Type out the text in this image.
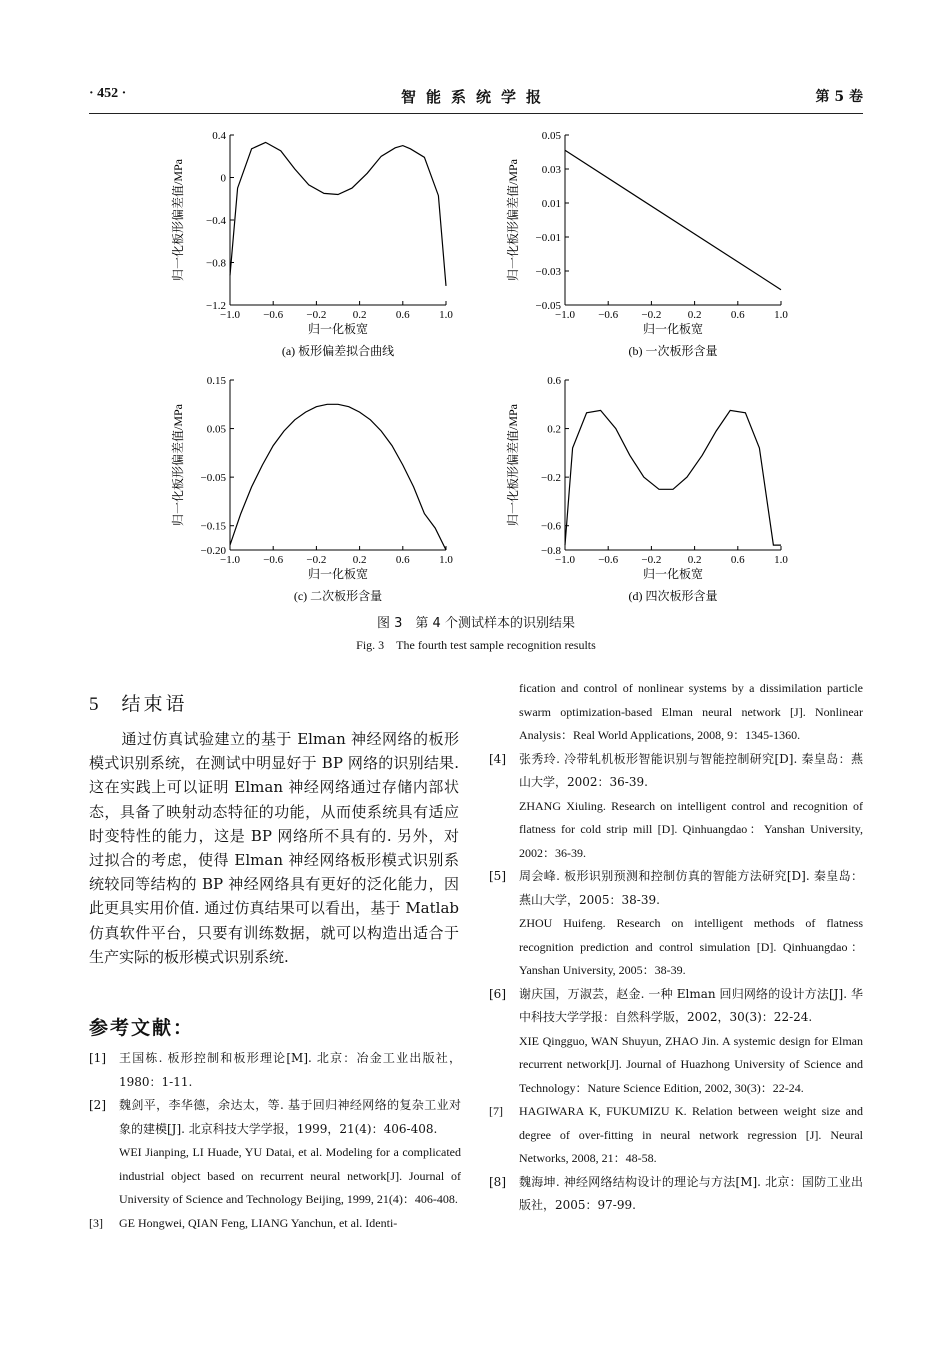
· 452 ·	智能系统学报	第 5 卷
0.4
0
−0.4
−0.8
−1.2
−1.0 −0.6 −0.2 0.2	0.6	1.0
归一化板宽
归一化板形偏差值/MPa
(a) 板形偏差拟合曲线
0.05
0.03
0.01
−0.01
−0.03
−0.05
−1.0 −0.6 −0.2 0.2	0.6	1.0
归一化板宽
归一化板形偏差值/MPa
(b) 一次板形含量
0.15
0.05
−0.05
−0.15
−0.20
−1.0 −0.6 −0.2 0.2	0.6	1.0
归一化板宽
归一化板形偏差值/MPa
(c) 二次板形含量
0.6
0.2
−0.2
−0.6
−0.8
−1.0 −0.6 −0.2 0.2	0.6	1.0
归一化板宽
归一化板形偏差值/MPa
(d) 四次板形含量
图 3　第 4 个测试样本的识别结果
Fig. 3　The fourth test sample recognition results
5 结束语
通过仿真试验建立的基于 Elman 神经网络的板形模式识别系统，在测试中明显好于 BP 网络的识别结果. 这在实践上可以证明 Elman 神经网络通过存储内部状态，具备了映射动态特征的功能，从而使系统具有适应时变特性的能力，这是 BP 网络所不具有的. 另外，对过拟合的考虑，使得 Elman 神经网络板形模式识别系统较同等结构的 BP 神经网络具有更好的泛化能力，因此更具实用价值. 通过仿真结果可以看出，基于 Matlab 仿真软件平台，只要有训练数据，就可以构造出适合于生产实际的板形模式识别系统.
参考文献：
[1] 王国栋. 板形控制和板形理论[M]. 北京：冶金工业出版社，1980：1-11.
[2] 魏剑平，李华德，余达太，等. 基于回归神经网络的复杂工业对象的建模[J]. 北京科技大学学报，1999，21(4)：406-408.
WEI Jianping, LI Huade, YU Datai, et al. Modeling for a complicated industrial object based on recurrent neural network[J]. Journal of University of Science and Technology Beijing, 1999, 21(4)：406-408.
[3] GE Hongwei, QIAN Feng, LIANG Yanchun, et al. Identi-
fication and control of nonlinear systems by a dissimilation particle swarm optimization-based Elman neural network [J]. Nonlinear Analysis：Real World Applications, 2008, 9：1345-1360.
[4] 张秀玲. 冷带轧机板形智能识别与智能控制研究[D]. 秦皇岛：燕山大学，2002：36-39.
ZHANG Xiuling. Research on intelligent control and recognition of flatness for cold strip mill [D]. Qinhuangdao：Yanshan University, 2002：36-39.
[5] 周会峰. 板形识别预测和控制仿真的智能方法研究[D]. 秦皇岛：燕山大学，2005：38-39.
ZHOU Huifeng. Research on intelligent methods of flatness recognition prediction and control simulation [D]. Qinhuangdao：Yanshan University, 2005：38-39.
[6] 谢庆国，万淑芸，赵金. 一种 Elman 回归网络的设计方法[J]. 华中科技大学学报：自然科学版，2002，30(3)：22-24.
XIE Qingguo, WAN Shuyun, ZHAO Jin. A systemic design for Elman recurrent network[J]. Journal of Huazhong University of Science and Technology：Nature Science Edition, 2002, 30(3)：22-24.
[7] HAGIWARA K, FUKUMIZU K. Relation between weight size and degree of over-fitting in neural network regression [J]. Neural Networks, 2008, 21：48-58.
[8] 魏海坤. 神经网络结构设计的理论与方法[M]. 北京：国防工业出版社，2005：97-99.
